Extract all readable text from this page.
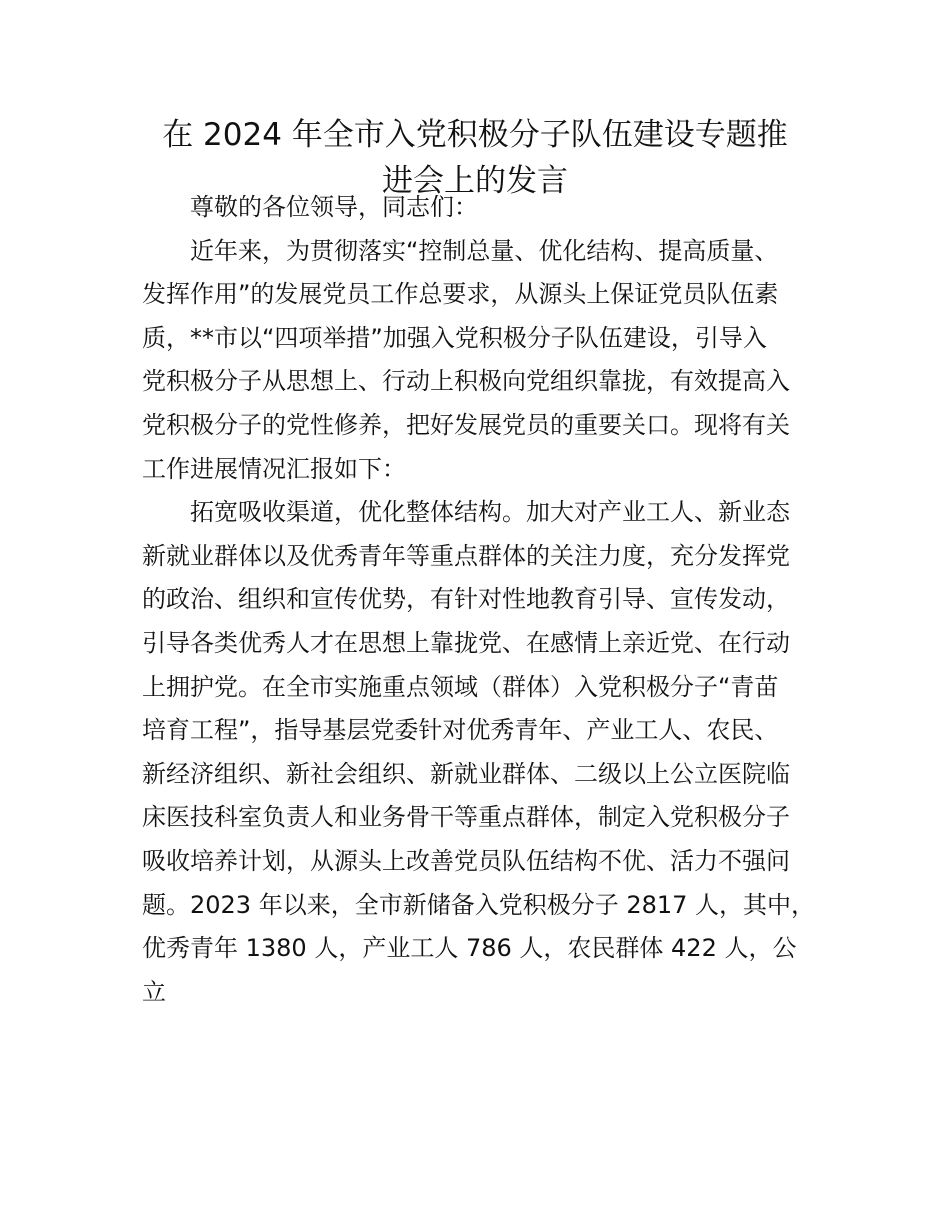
在 2024 年全市入党积极分子队伍建设专题推
进会上的发言
尊敬的各位领导，同志们：
近年来，为贯彻落实“控制总量、优化结构、提高质量、
发挥作用”的发展党员工作总要求，从源头上保证党员队伍素
质，**市以“四项举措”加强入党积极分子队伍建设，引导入
党积极分子从思想上、行动上积极向党组织靠拢，有效提高入
党积极分子的党性修养，把好发展党员的重要关口。现将有关
工作进展情况汇报如下：
拓宽吸收渠道，优化整体结构。加大对产业工人、新业态
新就业群体以及优秀青年等重点群体的关注力度，充分发挥党
的政治、组织和宣传优势，有针对性地教育引导、宣传发动，
引导各类优秀人才在思想上靠拢党、在感情上亲近党、在行动
上拥护党。在全市实施重点领域（群体）入党积极分子“青苗
培育工程”，指导基层党委针对优秀青年、产业工人、农民、
新经济组织、新社会组织、新就业群体、二级以上公立医院临
床医技科室负责人和业务骨干等重点群体，制定入党积极分子
吸收培养计划，从源头上改善党员队伍结构不优、活力不强问
题。2023 年以来，全市新储备入党积极分子 2817 人，其中，
优秀青年 1380 人，产业工人 786 人，农民群体 422 人，公
立
